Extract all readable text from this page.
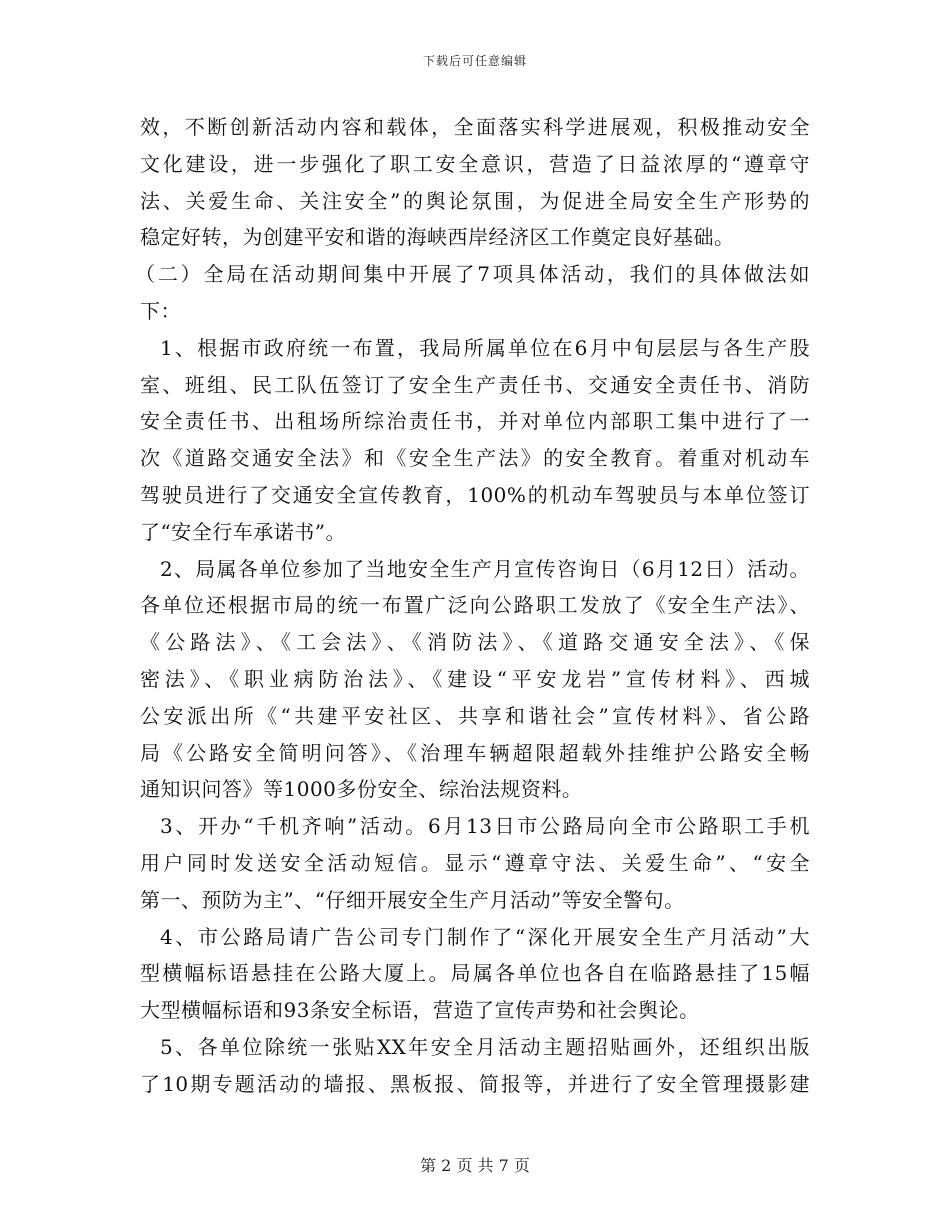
下载后可任意编辑
效，不断创新活动内容和载体，全面落实科学进展观，积极推动安全
文化建设，进一步强化了职工安全意识，营造了日益浓厚的“遵章守
法、关爱生命、关注安全”的舆论氛围，为促进全局安全生产形势的
稳定好转，为创建平安和谐的海峡西岸经济区工作奠定良好基础。
（二）全局在活动期间集中开展了7项具体活动，我们的具体做法如
下：
1、根据市政府统一布置，我局所属单位在6月中旬层层与各生产股
室、班组、民工队伍签订了安全生产责任书、交通安全责任书、消防
安全责任书、出租场所综治责任书，并对单位内部职工集中进行了一
次《道路交通安全法》和《安全生产法》的安全教育。着重对机动车
驾驶员进行了交通安全宣传教育，100%的机动车驾驶员与本单位签订
了“安全行车承诺书”。
2、局属各单位参加了当地安全生产月宣传咨询日（6月12日）活动。
各单位还根据市局的统一布置广泛向公路职工发放了《安全生产法》、
《公路法》、《工会法》、《消防法》、《道路交通安全法》、《保
密法》、《职业病防治法》、《建设“平安龙岩”宣传材料》、西城
公安派出所《“共建平安社区、共享和谐社会”宣传材料》、省公路
局《公路安全简明问答》、《治理车辆超限超载外挂维护公路安全畅
通知识问答》等1000多份安全、综治法规资料。
3、开办“千机齐响”活动。6月13日市公路局向全市公路职工手机
用户同时发送安全活动短信。显示“遵章守法、关爱生命”、“安全
第一、预防为主”、“仔细开展安全生产月活动”等安全警句。
4、市公路局请广告公司专门制作了“深化开展安全生产月活动”大
型横幅标语悬挂在公路大厦上。局属各单位也各自在临路悬挂了15幅
大型横幅标语和93条安全标语，营造了宣传声势和社会舆论。
5、各单位除统一张贴XX年安全月活动主题招贴画外，还组织出版
了10期专题活动的墙报、黑板报、简报等，并进行了安全管理摄影建
第 2 页 共 7 页
